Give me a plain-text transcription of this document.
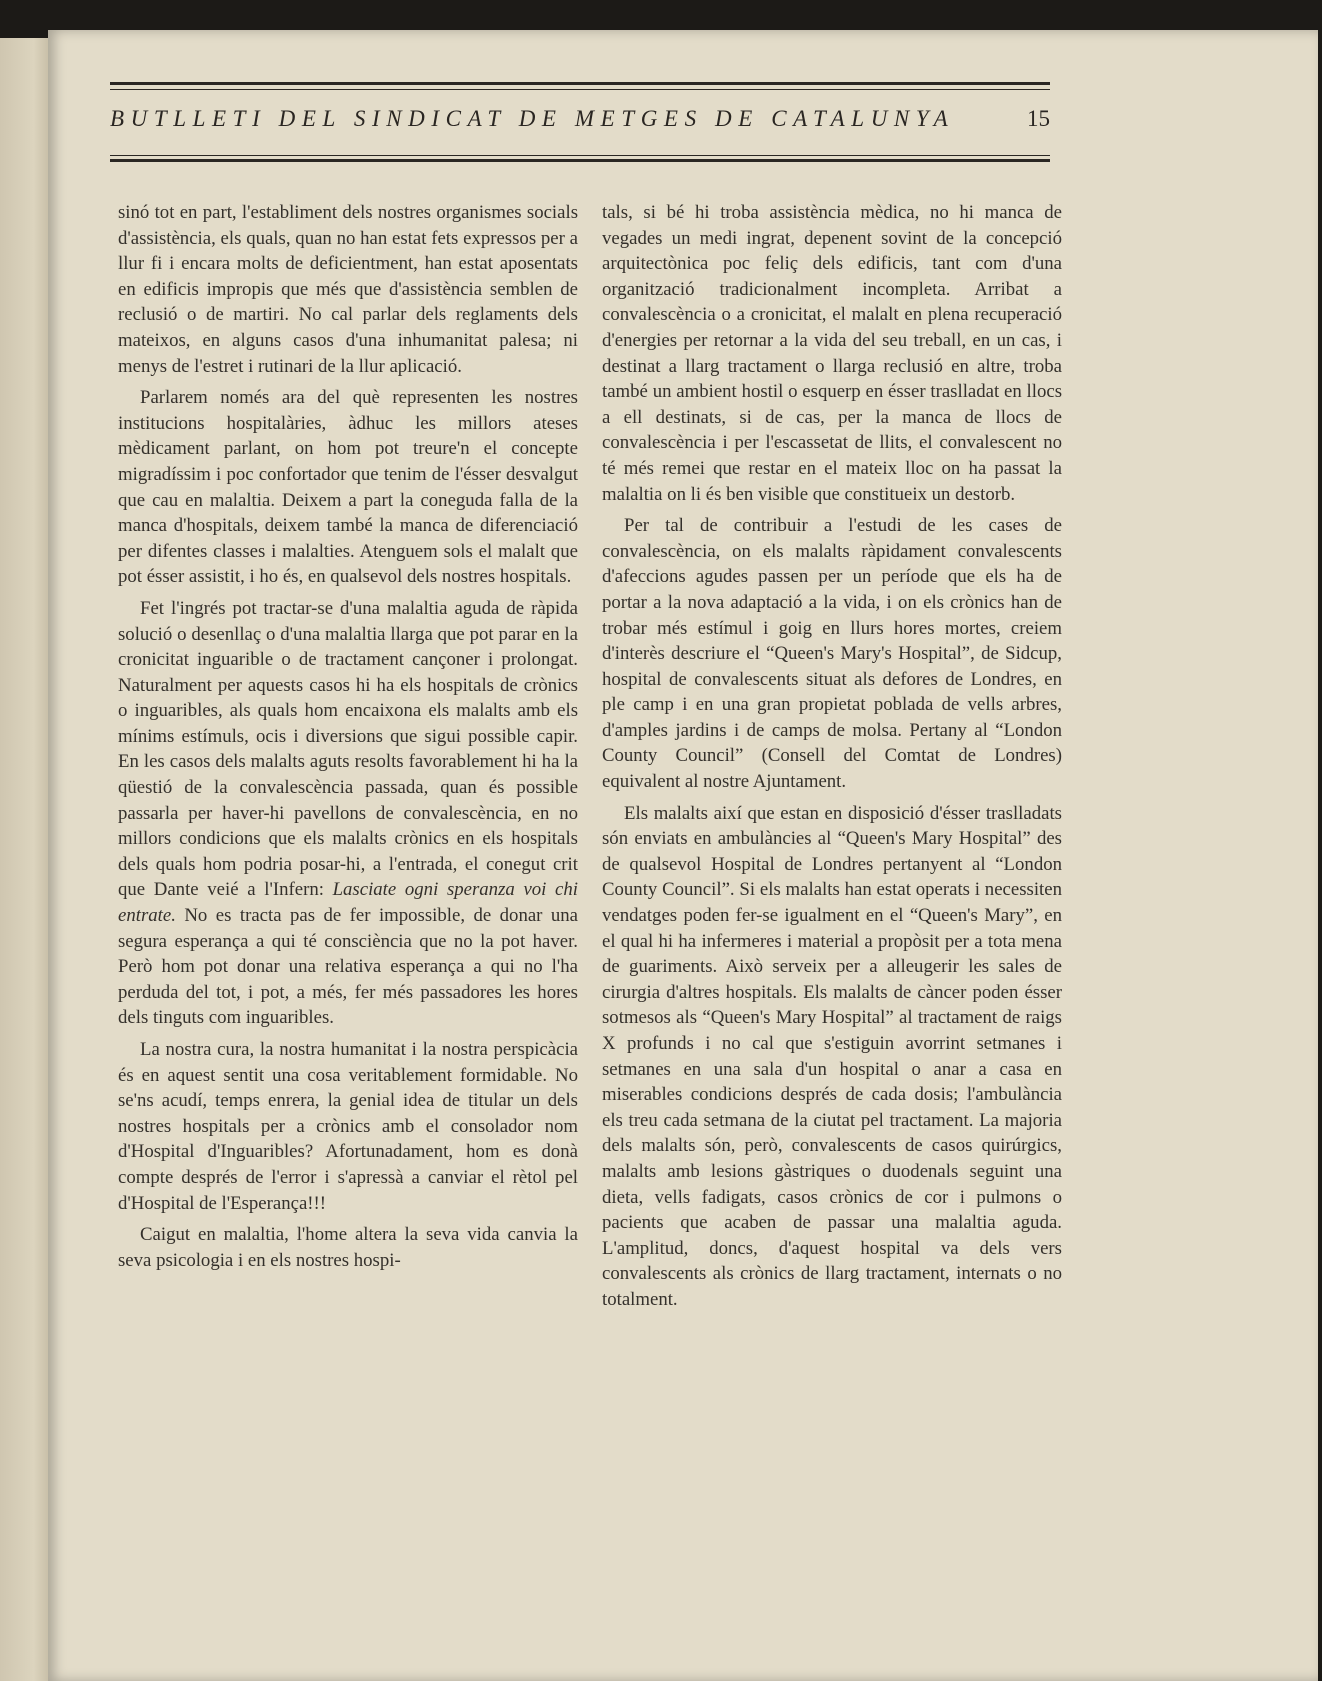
BUTLLETI DEL SINDICAT DE METGES DE CATALUNYA	15

sinó tot en part, l'establiment dels nostres organismes socials d'assistència, els quals, quan no han estat fets expressos per a llur fi i encara molts de deficientment, han estat aposentats en edificis impropis que més que d'assistència semblen de reclusió o de martiri. No cal parlar dels reglaments dels mateixos, en alguns casos d'una inhumanitat palesa; ni menys de l'estret i rutinari de la llur aplicació.

Parlarem només ara del què representen les nostres institucions hospitalàries, àdhuc les millors ateses mèdicament parlant, on hom pot treure'n el concepte migradíssim i poc confortador que tenim de l'ésser desvalgut que cau en malaltia. Deixem a part la coneguda falla de la manca d'hospitals, deixem també la manca de diferenciació per difentes classes i malalties. Atenguem sols el malalt que pot ésser assistit, i ho és, en qualsevol dels nostres hospitals.

Fet l'ingrés pot tractar-se d'una malaltia aguda de ràpida solució o desenllaç o d'una malaltia llarga que pot parar en la cronicitat inguarible o de tractament cançoner i prolongat. Naturalment per aquests casos hi ha els hospitals de crònics o inguaribles, als quals hom encaixona els malalts amb els mínims estímuls, ocis i diversions que sigui possible capir. En les casos dels malalts aguts resolts favorablement hi ha la qüestió de la convalescència passada, quan és possible passarla per haver-hi pavellons de convalescència, en no millors condicions que els malalts crònics en els hospitals dels quals hom podria posar-hi, a l'entrada, el conegut crit que Dante veié a l'Infern: Lasciate ogni speranza voi chi entrate. No es tracta pas de fer impossible, de donar una segura esperança a qui té consciència que no la pot haver. Però hom pot donar una relativa esperança a qui no l'ha perduda del tot, i pot, a més, fer més passadores les hores dels tinguts com inguaribles.

La nostra cura, la nostra humanitat i la nostra perspicàcia és en aquest sentit una cosa veritablement formidable. No se'ns acudí, temps enrera, la genial idea de titular un dels nostres hospitals per a crònics amb el consolador nom d'Hospital d'Inguaribles? Afortunadament, hom es donà compte després de l'error i s'apressà a canviar el rètol pel d'Hospital de l'Esperança!!!

Caigut en malaltia, l'home altera la seva vida canvia la seva psicologia i en els nostres hospi-

tals, si bé hi troba assistència mèdica, no hi manca de vegades un medi ingrat, depenent sovint de la concepció arquitectònica poc feliç dels edificis, tant com d'una organització tradicionalment incompleta. Arribat a convalescència o a cronicitat, el malalt en plena recuperació d'energies per retornar a la vida del seu treball, en un cas, i destinat a llarg tractament o llarga reclusió en altre, troba també un ambient hostil o esquerp en ésser traslladat en llocs a ell destinats, si de cas, per la manca de llocs de convalescència i per l'escassetat de llits, el convalescent no té més remei que restar en el mateix lloc on ha passat la malaltia on li és ben visible que constitueix un destorb.

Per tal de contribuir a l'estudi de les cases de convalescència, on els malalts ràpidament convalescents d'afeccions agudes passen per un període que els ha de portar a la nova adaptació a la vida, i on els crònics han de trobar més estímul i goig en llurs hores mortes, creiem d'interès descriure el “Queen's Mary's Hospital”, de Sidcup, hospital de convalescents situat als defores de Londres, en ple camp i en una gran propietat poblada de vells arbres, d'amples jardins i de camps de molsa. Pertany al “London County Council” (Consell del Comtat de Londres) equivalent al nostre Ajuntament.

Els malalts així que estan en disposició d'ésser traslladats són enviats en ambulàncies al “Queen's Mary Hospital” des de qualsevol Hospital de Londres pertanyent al “London County Council”. Si els malalts han estat operats i necessiten vendatges poden fer-se igualment en el “Queen's Mary”, en el qual hi ha infermeres i material a propòsit per a tota mena de guariments. Això serveix per a alleugerir les sales de cirurgia d'altres hospitals. Els malalts de càncer poden ésser sotmesos als “Queen's Mary Hospital” al tractament de raigs X profunds i no cal que s'estiguin avorrint setmanes i setmanes en una sala d'un hospital o anar a casa en miserables condicions després de cada dosis; l'ambulància els treu cada setmana de la ciutat pel tractament. La majoria dels malalts són, però, convalescents de casos quirúrgics, malalts amb lesions gàstriques o duodenals seguint una dieta, vells fadigats, casos crònics de cor i pulmons o pacients que acaben de passar una malaltia aguda. L'amplitud, doncs, d'aquest hospital va dels vers convalescents als crònics de llarg tractament, internats o no totalment.
